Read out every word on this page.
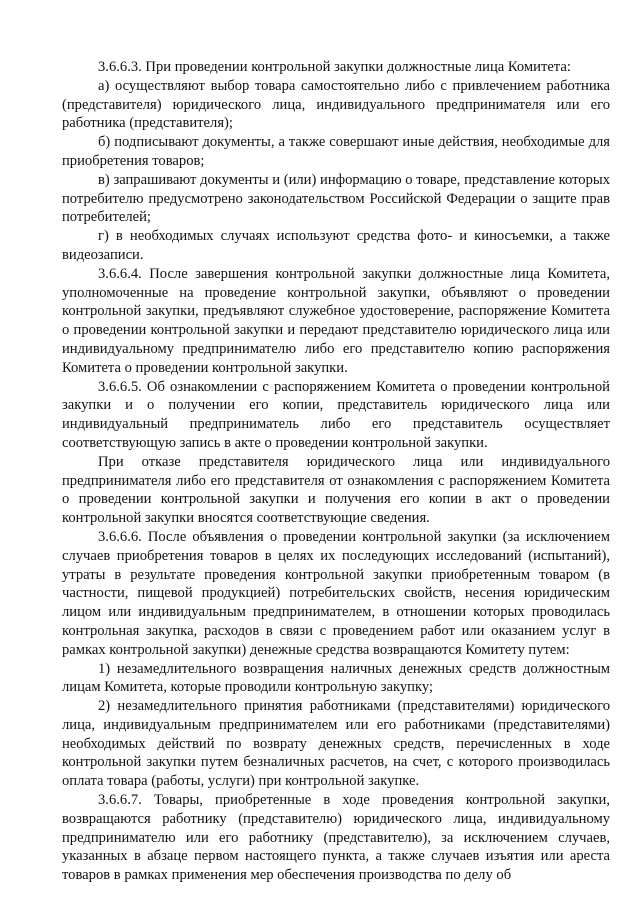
3.6.6.3. При проведении контрольной закупки должностные лица Комитета:

а) осуществляют выбор товара самостоятельно либо с привлечением работника (представителя) юридического лица, индивидуального предпринимателя или его работника (представителя);

б) подписывают документы, а также совершают иные действия, необходимые для приобретения товаров;

в) запрашивают документы и (или) информацию о товаре, представление которых потребителю предусмотрено законодательством Российской Федерации о защите прав потребителей;

г) в необходимых случаях используют средства фото- и киносъемки, а также видеозаписи.

3.6.6.4. После завершения контрольной закупки должностные лица Комитета, уполномоченные на проведение контрольной закупки, объявляют о проведении контрольной закупки, предъявляют служебное удостоверение, распоряжение Комитета о проведении контрольной закупки и передают представителю юридического лица или индивидуальному предпринимателю либо его представителю копию распоряжения Комитета о проведении контрольной закупки.

3.6.6.5. Об ознакомлении с распоряжением Комитета о проведении контрольной закупки и о получении его копии, представитель юридического лица или индивидуальный предприниматель либо его представитель осуществляет соответствующую запись в акте о проведении контрольной закупки.

При отказе представителя юридического лица или индивидуального предпринимателя либо его представителя от ознакомления с распоряжением Комитета о проведении контрольной закупки и получения его копии в акт о проведении контрольной закупки вносятся соответствующие сведения.

3.6.6.6. После объявления о проведении контрольной закупки (за исключением случаев приобретения товаров в целях их последующих исследований (испытаний), утраты в результате проведения контрольной закупки приобретенным товаром (в частности, пищевой продукцией) потребительских свойств, несения юридическим лицом или индивидуальным предпринимателем, в отношении которых проводилась контрольная закупка, расходов в связи с проведением работ или оказанием услуг в рамках контрольной закупки) денежные средства возвращаются Комитету путем:

1) незамедлительного возвращения наличных денежных средств должностным лицам Комитета, которые проводили контрольную закупку;

2) незамедлительного принятия работниками (представителями) юридического лица, индивидуальным предпринимателем или его работниками (представителями) необходимых действий по возврату денежных средств, перечисленных в ходе контрольной закупки путем безналичных расчетов, на счет, с которого производилась оплата товара (работы, услуги) при контрольной закупке.

3.6.6.7. Товары, приобретенные в ходе проведения контрольной закупки, возвращаются работнику (представителю) юридического лица, индивидуальному предпринимателю или его работнику (представителю), за исключением случаев, указанных в абзаце первом настоящего пункта, а также случаев изъятия или ареста товаров в рамках применения мер обеспечения производства по делу об
